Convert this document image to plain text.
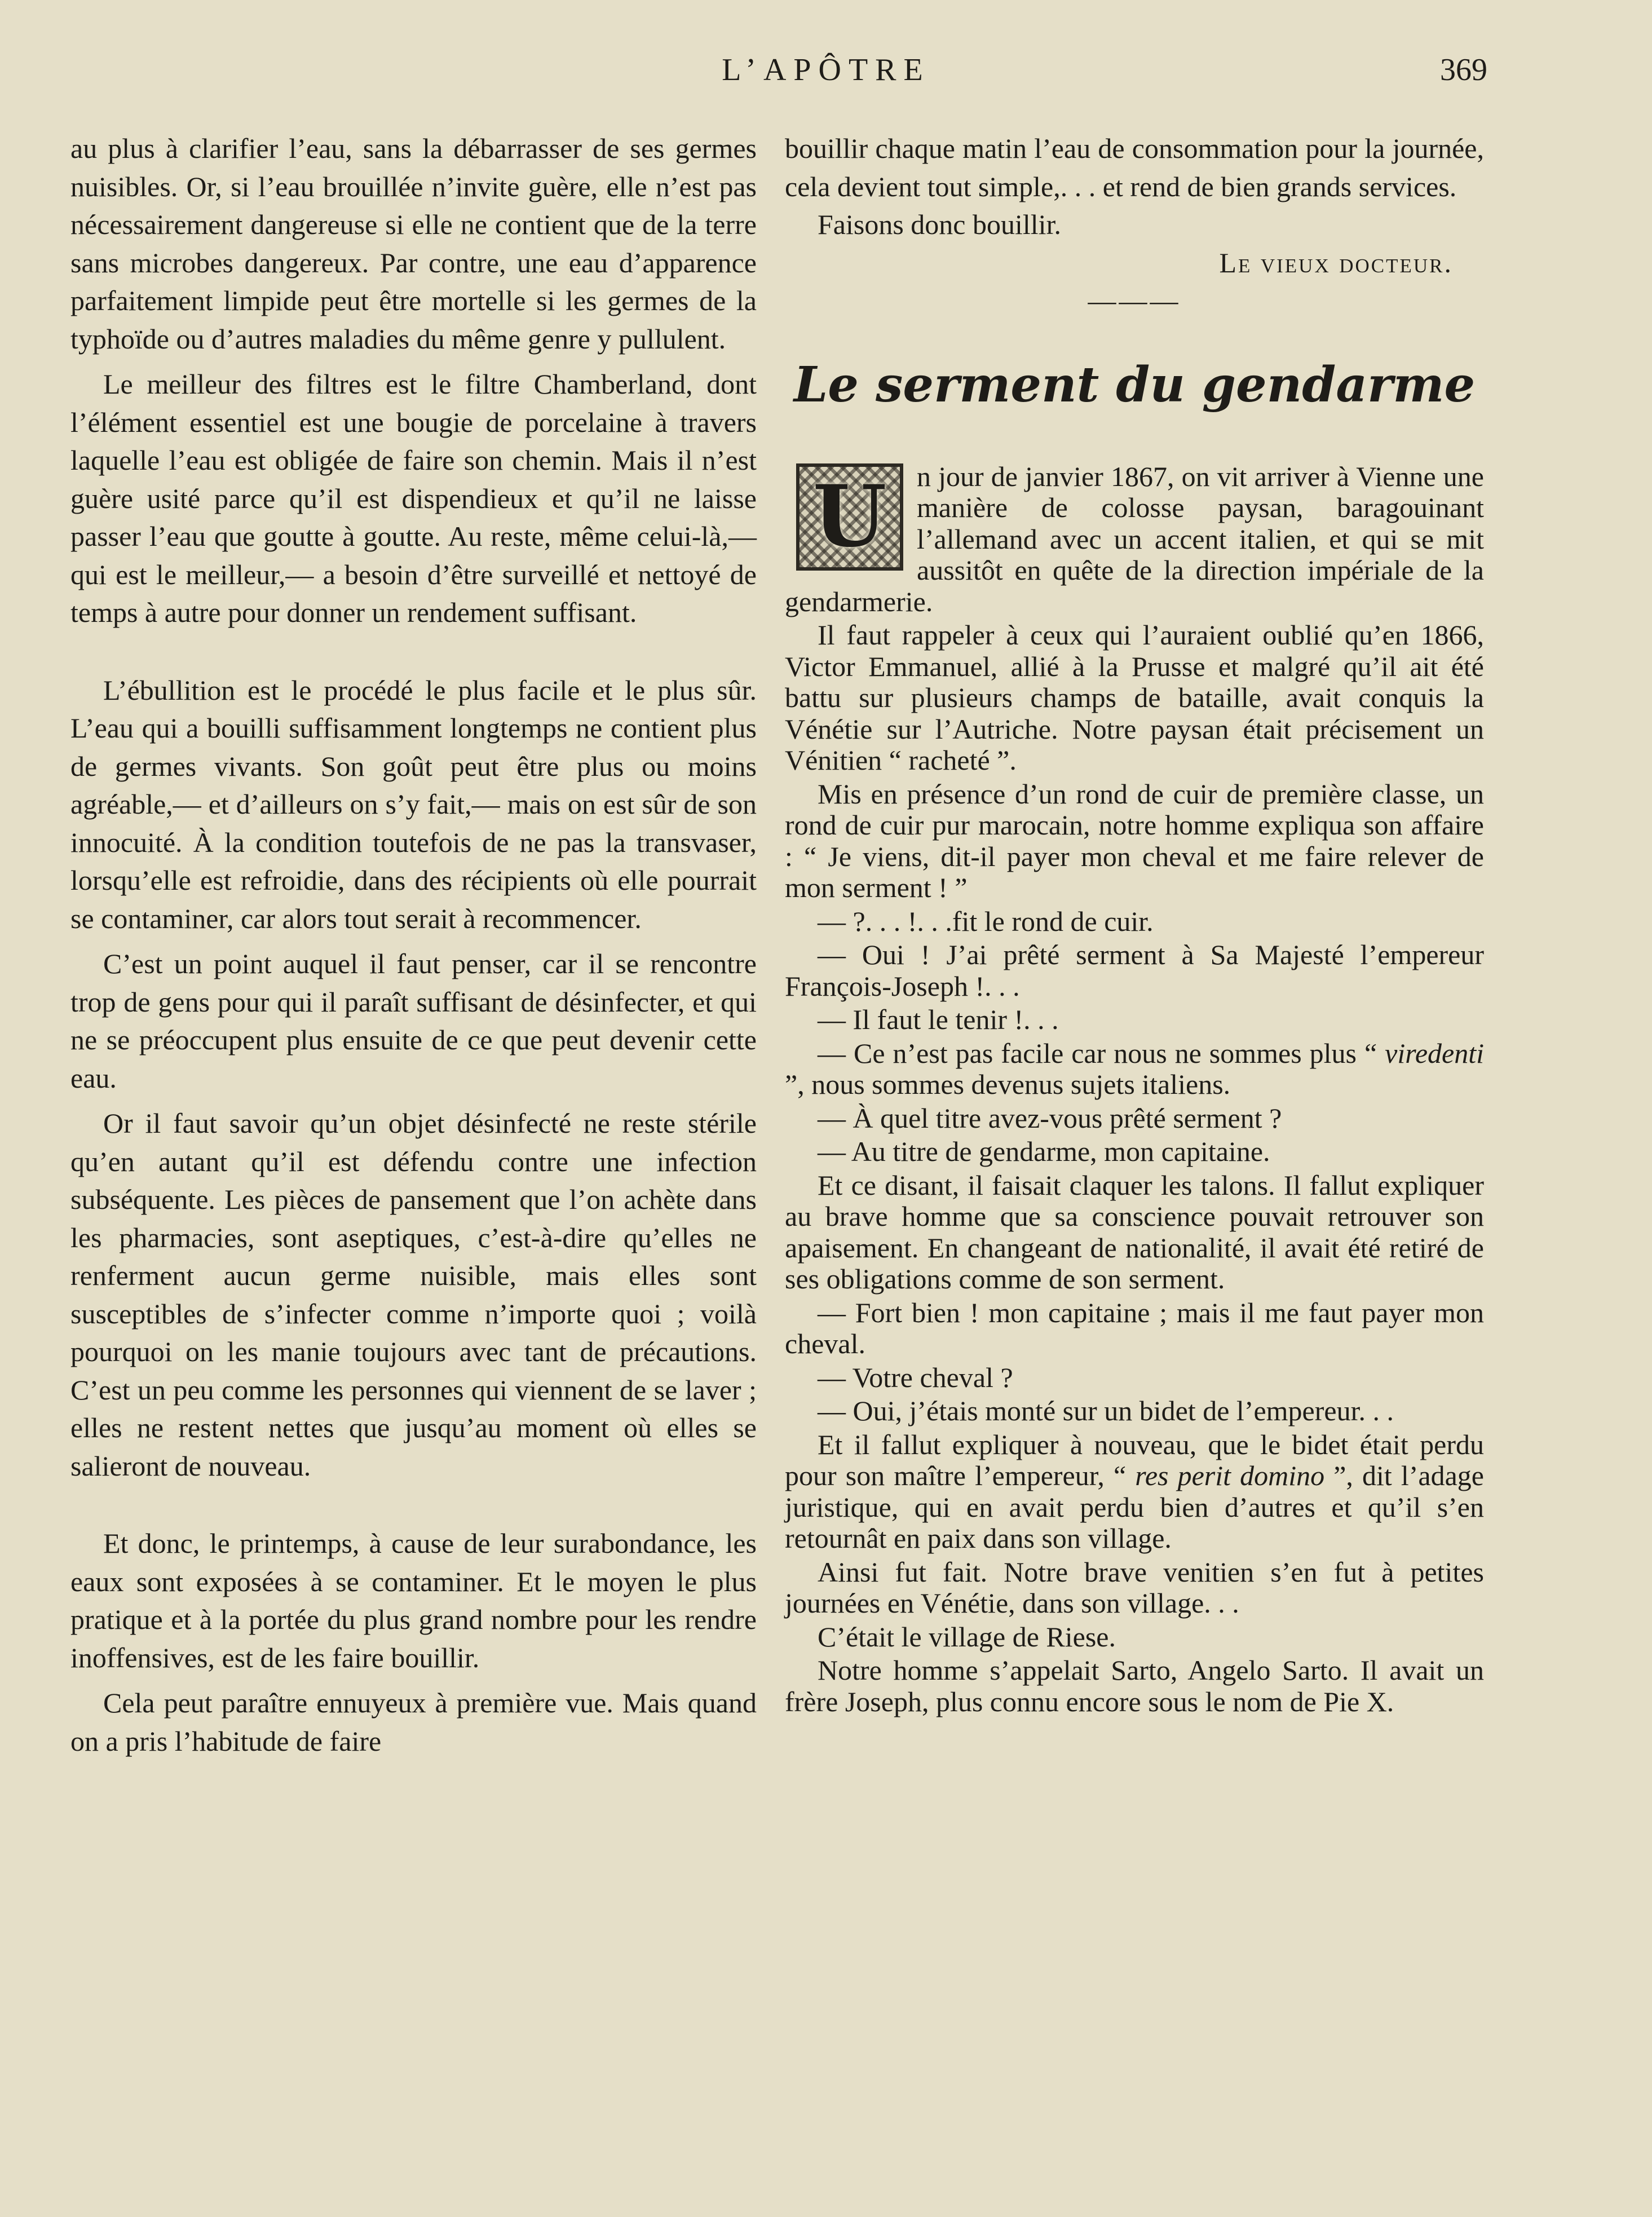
L’APÔTRE	369

au plus à clarifier l’eau, sans la débarrasser de ses germes nuisibles. Or, si l’eau brouillée n’invite guère, elle n’est pas nécessairement dangereuse si elle ne contient que de la terre sans microbes dangereux. Par contre, une eau d’apparence parfaitement limpide peut être mortelle si les germes de la typhoïde ou d’autres maladies du même genre y pullulent.

Le meilleur des filtres est le filtre Chamberland, dont l’élément essentiel est une bougie de porcelaine à travers laquelle l’eau est obligée de faire son chemin. Mais il n’est guère usité parce qu’il est dispendieux et qu’il ne laisse passer l’eau que goutte à goutte. Au reste, même celui-là,— qui est le meilleur,— a besoin d’être surveillé et nettoyé de temps à autre pour donner un rendement suffisant.

L’ébullition est le procédé le plus facile et le plus sûr. L’eau qui a bouilli suffisamment longtemps ne contient plus de germes vivants. Son goût peut être plus ou moins agréable,— et d’ailleurs on s’y fait,— mais on est sûr de son innocuité. À la condition toutefois de ne pas la transvaser, lorsqu’elle est refroidie, dans des récipients où elle pourrait se contaminer, car alors tout serait à recommencer.

C’est un point auquel il faut penser, car il se rencontre trop de gens pour qui il paraît suffisant de désinfecter, et qui ne se préoccupent plus ensuite de ce que peut devenir cette eau.

Or il faut savoir qu’un objet désinfecté ne reste stérile qu’en autant qu’il est défendu contre une infection subséquente. Les pièces de pansement que l’on achète dans les pharmacies, sont aseptiques, c’est-à-dire qu’elles ne renferment aucun germe nuisible, mais elles sont susceptibles de s’infecter comme n’importe quoi ; voilà pourquoi on les manie toujours avec tant de précautions. C’est un peu comme les personnes qui viennent de se laver ; elles ne restent nettes que jusqu’au moment où elles se salieront de nouveau.

Et donc, le printemps, à cause de leur surabondance, les eaux sont exposées à se contaminer. Et le moyen le plus pratique et à la portée du plus grand nombre pour les rendre inoffensives, est de les faire bouillir.

Cela peut paraître ennuyeux à première vue. Mais quand on a pris l’habitude de faire

bouillir chaque matin l’eau de consommation pour la journée, cela devient tout simple,. . . et rend de bien grands services.

Faisons donc bouillir.

Le vieux docteur.

———

Le serment du gendarme

U	n jour de janvier 1867, on vit arriver à Vienne une manière de colosse paysan, baragouinant l’allemand avec un accent italien, et qui se mit aussitôt en quête de la direction impériale de la gendarmerie.

Il faut rappeler à ceux qui l’auraient oublié qu’en 1866, Victor Emmanuel, allié à la Prusse et malgré qu’il ait été battu sur plusieurs champs de bataille, avait conquis la Vénétie sur l’Autriche. Notre paysan était précisement un Vénitien “ racheté ”.

Mis en présence d’un rond de cuir de première classe, un rond de cuir pur marocain, notre homme expliqua son affaire : “ Je viens, dit-il payer mon cheval et me faire relever de mon serment ! ”

— ?. . . !. . .fit le rond de cuir.

— Oui ! J’ai prêté serment à Sa Majesté l’empereur François-Joseph !. . .

— Il faut le tenir !. . .

— Ce n’est pas facile car nous ne sommes plus “ viredenti ”, nous sommes devenus sujets italiens.

— À quel titre avez-vous prêté serment ?

— Au titre de gendarme, mon capitaine.

Et ce disant, il faisait claquer les talons. Il fallut expliquer au brave homme que sa conscience pouvait retrouver son apaisement. En changeant de nationalité, il avait été retiré de ses obligations comme de son serment.

— Fort bien ! mon capitaine ; mais il me faut payer mon cheval.

— Votre cheval ?

— Oui, j’étais monté sur un bidet de l’empereur. . .

Et il fallut expliquer à nouveau, que le bidet était perdu pour son maître l’empereur, “ res perit domino ”, dit l’adage juristique, qui en avait perdu bien d’autres et qu’il s’en retournât en paix dans son village.

Ainsi fut fait. Notre brave venitien s’en fut à petites journées en Vénétie, dans son village. . .

C’était le village de Riese.

Notre homme s’appelait Sarto, Angelo Sarto. Il avait un frère Joseph, plus connu encore sous le nom de Pie X.
